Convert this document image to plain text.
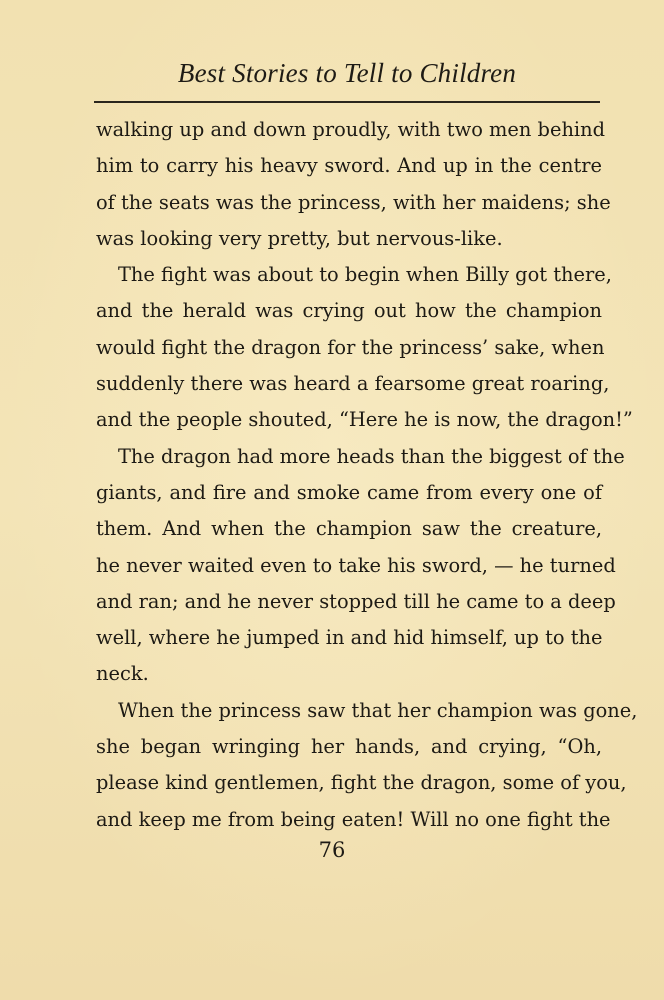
Best Stories to Tell to Children
walking up and down proudly, with two men behind
him to carry his heavy sword. And up in the centre
of the seats was the princess, with her maidens; she
was looking very pretty, but nervous-like.
The fight was about to begin when Billy got there,
and the herald was crying out how the champion
would fight the dragon for the princess’ sake, when
suddenly there was heard a fearsome great roaring,
and the people shouted, “Here he is now, the dragon!”
The dragon had more heads than the biggest of the
giants, and fire and smoke came from every one of
them. And when the champion saw the creature,
he never waited even to take his sword, — he turned
and ran; and he never stopped till he came to a deep
well, where he jumped in and hid himself, up to the
neck.
When the princess saw that her champion was gone,
she began wringing her hands, and crying, “Oh,
please kind gentlemen, fight the dragon, some of you,
and keep me from being eaten! Will no one fight the
76
